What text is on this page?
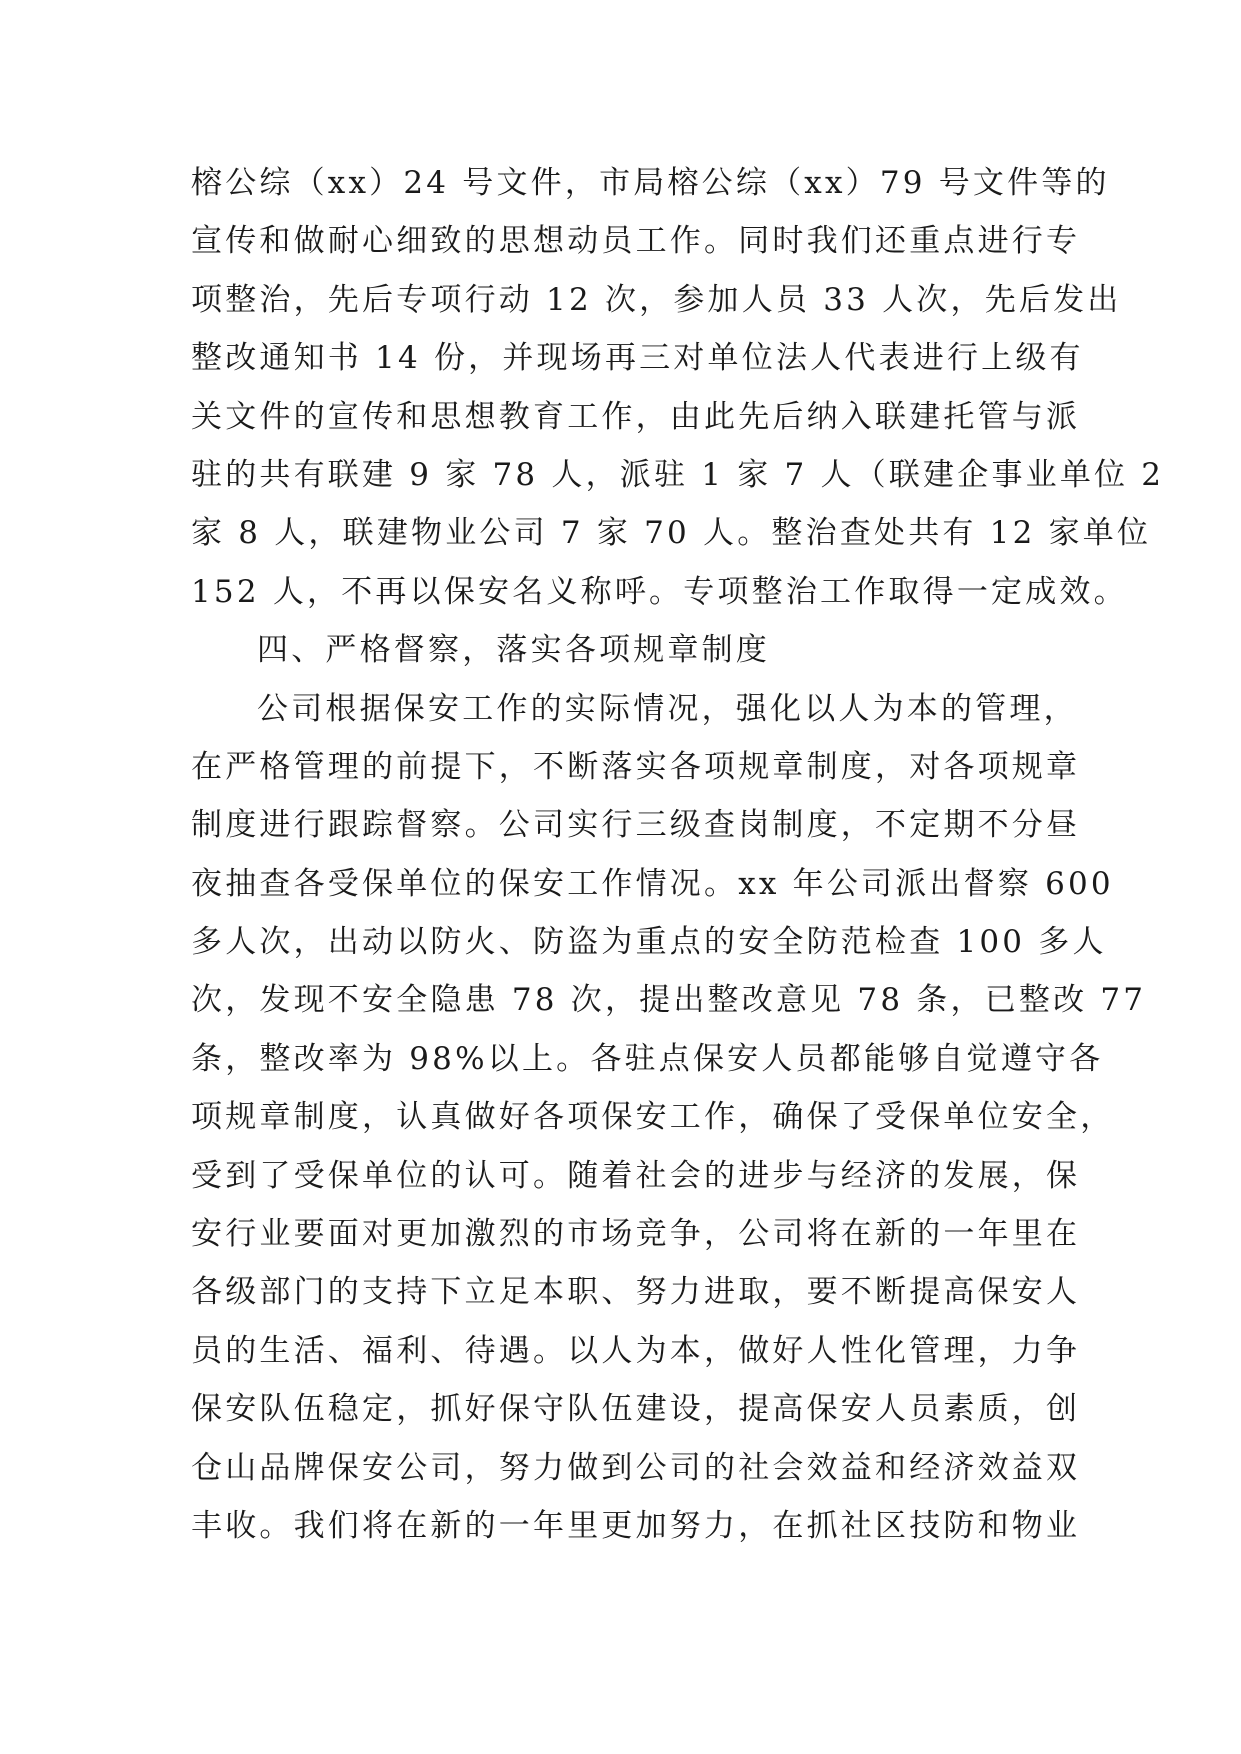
榕公综（xx）24 号文件，市局榕公综（xx）79 号文件等的
宣传和做耐心细致的思想动员工作。同时我们还重点进行专
项整治，先后专项行动 12 次，参加人员 33 人次，先后发出
整改通知书 14 份，并现场再三对单位法人代表进行上级有
关文件的宣传和思想教育工作，由此先后纳入联建托管与派
驻的共有联建 9 家 78 人，派驻 1 家 7 人（联建企事业单位 2
家 8 人，联建物业公司 7 家 70 人。整治查处共有 12 家单位
152 人，不再以保安名义称呼。专项整治工作取得一定成效。
四、严格督察，落实各项规章制度
公司根据保安工作的实际情况，强化以人为本的管理，
在严格管理的前提下，不断落实各项规章制度，对各项规章
制度进行跟踪督察。公司实行三级查岗制度，不定期不分昼
夜抽查各受保单位的保安工作情况。xx 年公司派出督察 600
多人次，出动以防火、防盗为重点的安全防范检查 100 多人
次，发现不安全隐患 78 次，提出整改意见 78 条，已整改 77
条，整改率为 98%以上。各驻点保安人员都能够自觉遵守各
项规章制度，认真做好各项保安工作，确保了受保单位安全，
受到了受保单位的认可。随着社会的进步与经济的发展，保
安行业要面对更加激烈的市场竞争，公司将在新的一年里在
各级部门的支持下立足本职、努力进取，要不断提高保安人
员的生活、福利、待遇。以人为本，做好人性化管理，力争
保安队伍稳定，抓好保守队伍建设，提高保安人员素质，创
仓山品牌保安公司，努力做到公司的社会效益和经济效益双
丰收。我们将在新的一年里更加努力，在抓社区技防和物业
